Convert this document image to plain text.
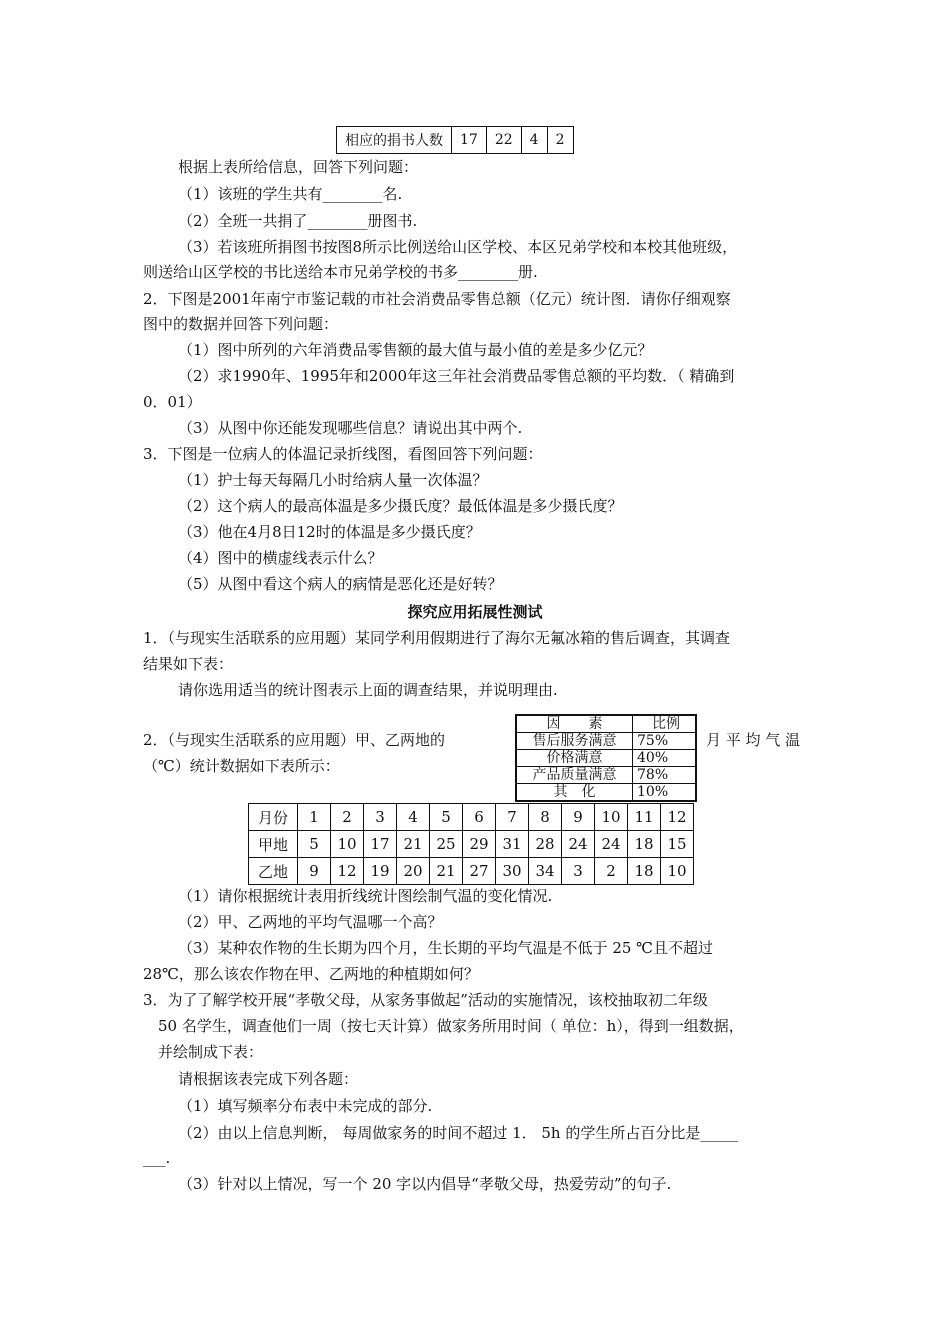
相应的捐书人数	17	22	4	2
根据上表所给信息，回答下列问题：
（1）该班的学生共有________名.
（2）全班一共捐了________册图书.
（3）若该班所捐图书按图8所示比例送给山区学校、本区兄弟学校和本校其他班级，
则送给山区学校的书比送给本市兄弟学校的书多________册.
2．下图是2001年南宁市鉴记载的市社会消费品零售总额（亿元）统计图．请你仔细观察
图中的数据并回答下列问题：
（1）图中所列的六年消费品零售额的最大值与最小值的差是多少亿元？
（2）求1990年、1995年和2000年这三年社会消费品零售总额的平均数．（ 精确到
0．01）
（3）从图中你还能发现哪些信息？请说出其中两个.
3．下图是一位病人的体温记录折线图，看图回答下列问题：
（1）护士每天每隔几小时给病人量一次体温？
（2）这个病人的最高体温是多少摄氏度？最低体温是多少摄氏度？
（3）他在4月8日12时的体温是多少摄氏度？
（4）图中的横虚线表示什么？
（5）从图中看这个病人的病情是恶化还是好转？
探究应用拓展性测试
1．（与现实生活联系的应用题）某同学利用假期进行了海尔无氟冰箱的售后调查，其调查
结果如下表：
请你选用适当的统计图表示上面的调查结果，并说明理由.
2．（与现实生活联系的应用题）甲、乙两地的	月 平 均 气 温
（℃）统计数据如下表所示：
因　　素	比例
售后服务满意	75%
价格满意	40%
产品质量满意	78%
其　化	10%
月份	1	2	3	4	5	6	7	8	9	10	11	12
甲地	5	10	17	21	25	29	31	28	24	24	18	15
乙地	9	12	19	20	21	27	30	34	3	2	18	10
（1）请你根据统计表用折线统计图绘制气温的变化情况.
（2）甲、乙两地的平均气温哪一个高？
（3）某种农作物的生长期为四个月，生长期的平均气温是不低于 25 ℃且不超过
28℃，那么该农作物在甲、乙两地的种植期如何？
3．为了了解学校开展“孝敬父母，从家务事做起”活动的实施情况，该校抽取初二年级
50 名学生，调查他们一周（按七天计算）做家务所用时间（ 单位：h），得到一组数据，
并绘制成下表：
请根据该表完成下列各题：
（1）填写频率分布表中未完成的部分.
（2）由以上信息判断， 每周做家务的时间不超过 1． 5h 的学生所占百分比是_____
___.
（3）针对以上情况，写一个 20 字以内倡导“孝敬父母，热爱劳动”的句子.
